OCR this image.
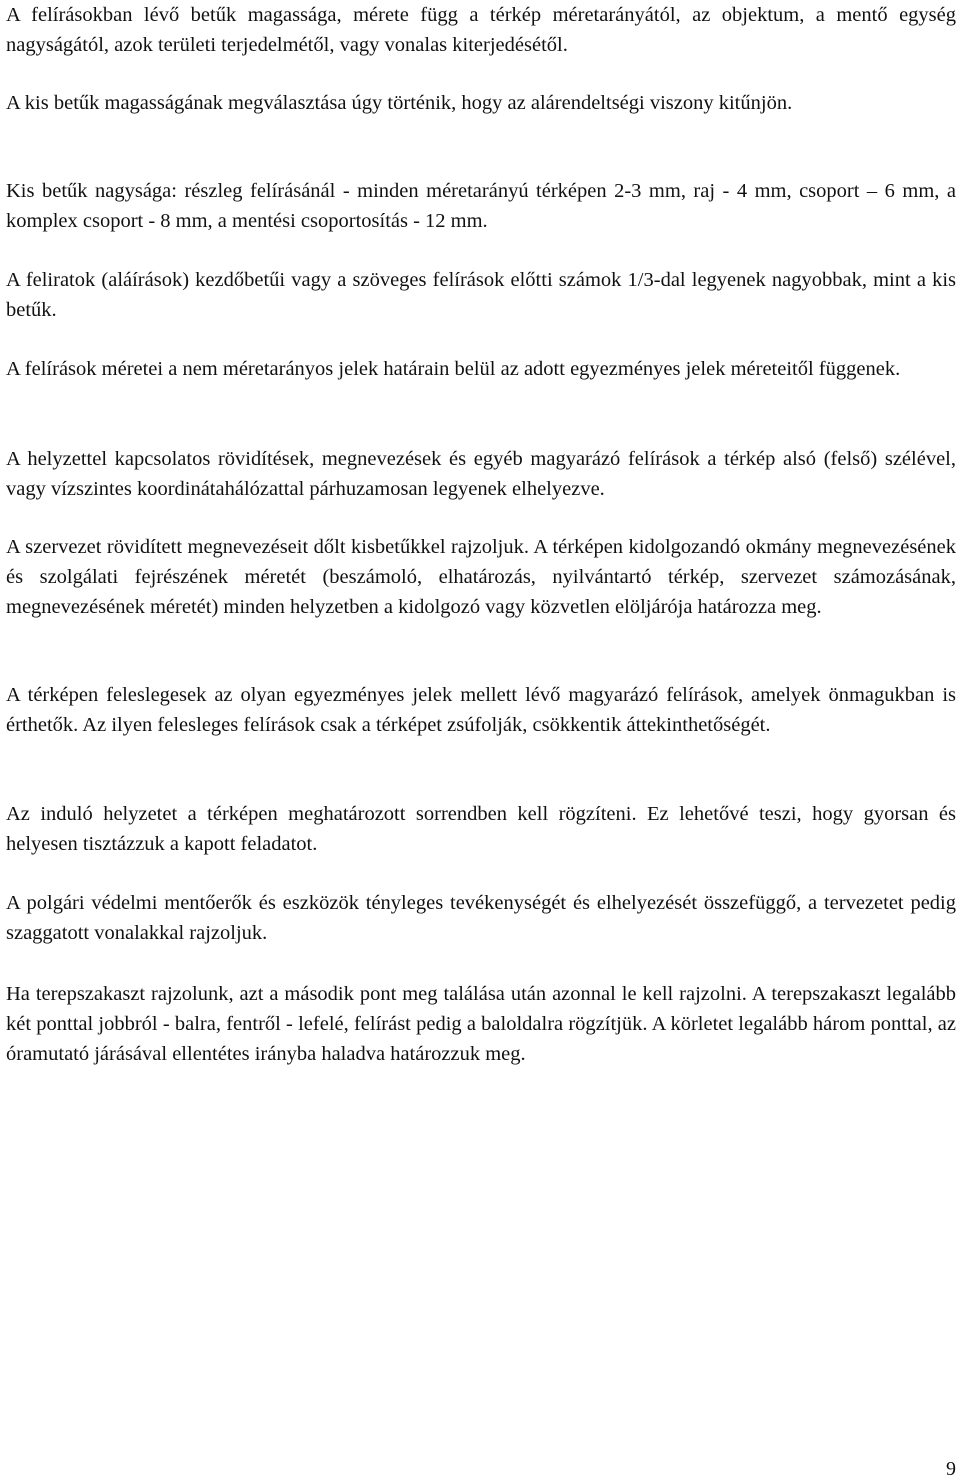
A felírásokban lévő betűk magassága, mérete függ a térkép méretarányától, az objektum, a mentő egység nagyságától, azok területi terjedelmétől, vagy vonalas kiterjedésétől.

A kis betűk magasságának megválasztása úgy történik, hogy az alárendeltségi viszony kitűnjön.

Kis betűk nagysága: részleg felírásánál - minden méretarányú térképen 2-3 mm, raj - 4 mm, csoport – 6 mm, a komplex csoport - 8 mm, a mentési csoportosítás - 12 mm.

A feliratok (aláírások) kezdőbetűi vagy a szöveges felírások előtti számok 1/3-dal legyenek nagyobbak, mint a kis betűk.

A felírások méretei a nem méretarányos jelek határain belül az adott egyezményes jelek méreteitől függenek.

A helyzettel kapcsolatos rövidítések, megnevezések és egyéb magyarázó felírások a térkép alsó (felső) szélével, vagy vízszintes koordinátahálózattal párhuzamosan legyenek elhelyezve.

A szervezet rövidített megnevezéseit dőlt kisbetűkkel rajzoljuk. A térképen kidolgozandó okmány megnevezésének és szolgálati fejrészének méretét (beszámoló, elhatározás, nyilvántartó térkép, szervezet számozásának, megnevezésének méretét) minden helyzetben a kidolgozó vagy közvetlen elöljárója határozza meg.

A térképen feleslegesek az olyan egyezményes jelek mellett lévő magyarázó felírások, amelyek önmagukban is érthetők. Az ilyen felesleges felírások csak a térképet zsúfolják, csökkentik áttekinthetőségét.

Az induló helyzetet a térképen meghatározott sorrendben kell rögzíteni. Ez lehetővé teszi, hogy gyorsan és helyesen tisztázzuk a kapott feladatot.

A polgári védelmi mentőerők és eszközök tényleges tevékenységét és elhelyezését összefüggő, a tervezetet pedig szaggatott vonalakkal rajzoljuk.

Ha terepszakaszt rajzolunk, azt a második pont meg találása után azonnal le kell rajzolni. A terepszakaszt legalább két ponttal jobbról - balra, fentről - lefelé, felírást pedig a baloldalra rögzítjük. A körletet legalább három ponttal, az óramutató járásával ellentétes irányba haladva határozzuk meg.

9
